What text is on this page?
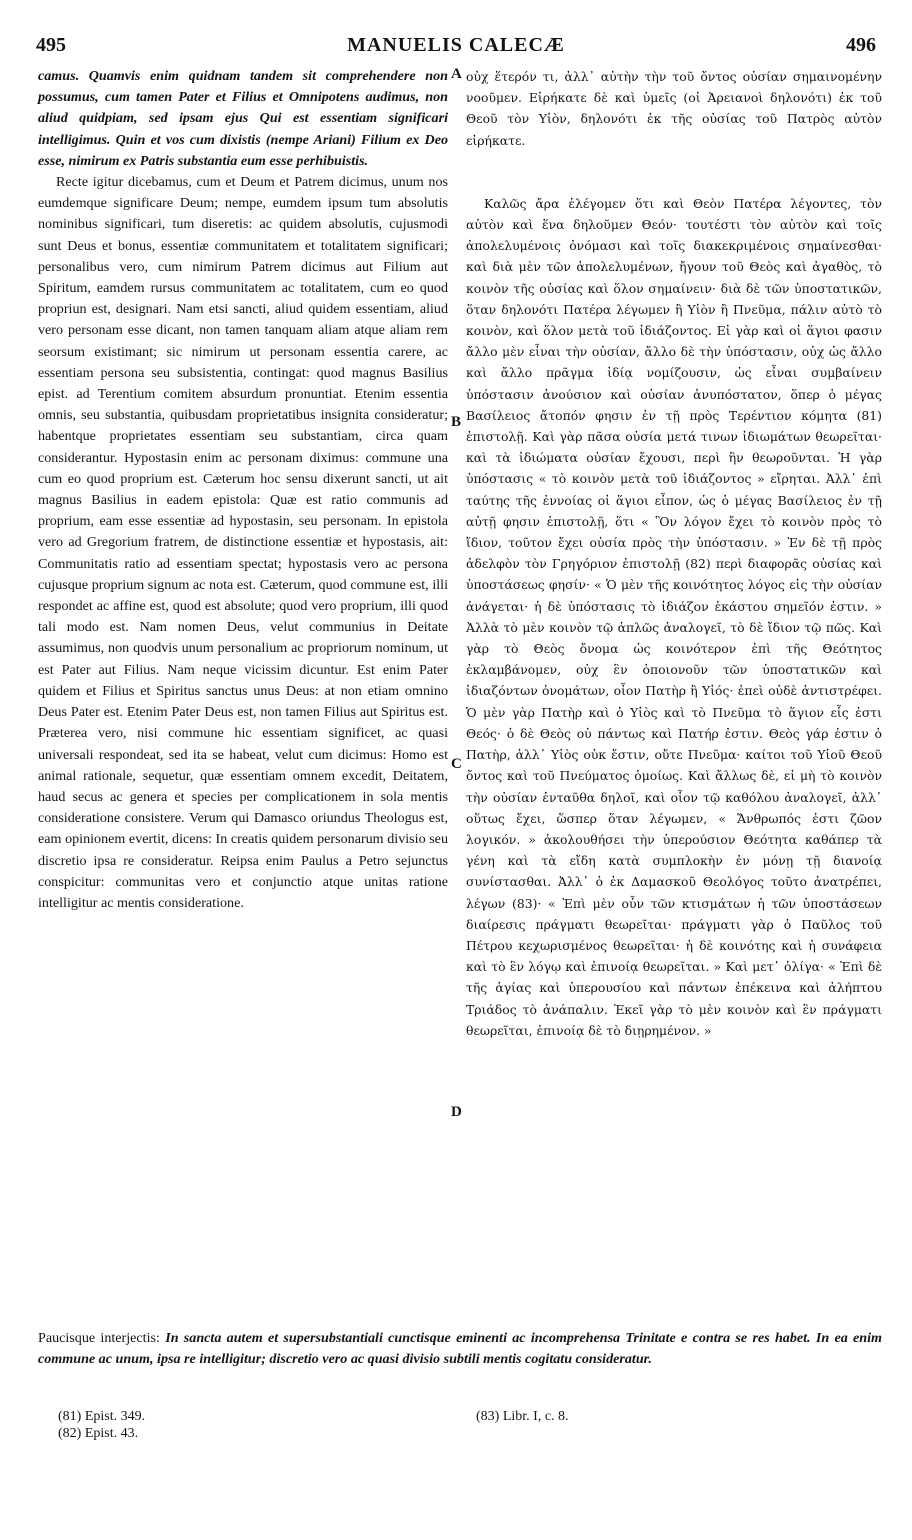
495	MANUELIS CALECÆ	496

camus. Quamvis enim quidnam tandem sit comprehendere non possumus, cum tamen Pater et Filius et Omnipotens audimus, non aliud quidpiam, sed ipsam ejus Qui est essentiam significari intelligimus. Quin et vos cum dixistis (nempe Ariani) Filium ex Deo esse, nimirum ex Patris substantia eum esse perhibuistis.

Recte igitur dicebamus, cum et Deum et Patrem dicimus, unum nos eumdemque significare Deum; nempe, eumdem ipsum tum absolutis nominibus significari, tum diseretis: ac quidem absolutis, cujusmodi sunt Deus et bonus, essentiæ communitatem et totalitatem significari; personalibus vero, cum nimirum Patrem dicimus aut Filium aut Spiritum, eamdem rursus communitatem ac totalitatem, cum eo quod propriun est, designari. Nam etsi sancti, aliud quidem essentiam, aliud vero personam esse dicant, non tamen tanquam aliam atque aliam rem seorsum existimant; sic nimirum ut personam essentia carere, ac essentiam persona seu subsistentia, contingat: quod magnus Basilius epist. ad Terentium comitem absurdum pronuntiat. Etenim essentia omnis, seu substantia, quibusdam proprietatibus insignita consideratur; habentque proprietates essentiam seu substantiam, circa quam considerantur. Hypostasin enim ac personam diximus: commune una cum eo quod proprium est. Cæterum hoc sensu dixerunt sancti, ut ait magnus Basilius in eadem epistola: Quæ est ratio communis ad proprium, eam esse essentiæ ad hypostasin, seu personam. In epistola vero ad Gregorium fratrem, de distinctione essentiæ et hypostasis, ait: Communitatis ratio ad essentiam spectat; hypostasis vero ac persona cujusque proprium signum ac nota est. Cæterum, quod commune est, illi respondet ac affine est, quod est absolute; quod vero proprium, illi quod tali modo est. Nam nomen Deus, velut communius in Deitate assumimus, non quodvis unum personalium ac propriorum nominum, ut est Pater aut Filius. Nam neque vicissim dicuntur. Est enim Pater quidem et Filius et Spiritus sanctus unus Deus: at non etiam omnino Deus Pater est. Etenim Pater Deus est, non tamen Filius aut Spiritus est. Præterea vero, nisi commune hic essentiam significet, ac quasi universali respondeat, sed ita se habeat, velut cum dicimus: Homo est animal rationale, sequetur, quæ essentiam omnem excedit, Deitatem, haud secus ac genera et species per complicationem in sola mentis consideratione consistere. Verum qui Damasco oriundus Theologus est, eam opinionem evertit, dicens: In creatis quidem personarum divisio seu discretio ipsa re consideratur. Reipsa enim Paulus a Petro sejunctus conspicitur: communitas vero et conjunctio atque unitas ratione intelligitur ac mentis consideratione.

οὐχ ἕτερόν τι, ἀλλ᾽ αὐτὴν τὴν τοῦ ὄντος οὐσίαν σημαινομένην νοοῦμεν. Εἰρήκατε δὲ καὶ ὑμεῖς (οἱ Ἀρειανοὶ δηλονότι) ἐκ τοῦ Θεοῦ τὸν Υἱὸν, δηλονότι ἐκ τῆς οὐσίας τοῦ Πατρὸς αὐτὸν εἰρήκατε.

Καλῶς ἄρα ἐλέγομεν ὅτι καὶ Θεὸν Πατέρα λέγοντες, τὸν αὐτὸν καὶ ἕνα δηλοῦμεν Θεόν· τουτέστι τὸν αὐτὸν καὶ τοῖς ἀπολελυμένοις ὀνόμασι καὶ τοῖς διακεκριμένοις σημαίνεσθαι· καὶ διὰ μὲν τῶν ἀπολελυμένων, ἤγουν τοῦ Θεὸς καὶ ἀγαθὸς, τὸ κοινὸν τῆς οὐσίας καὶ ὅλον σημαίνειν· διὰ δὲ τῶν ὑποστατικῶν, ὅταν δηλονότι Πατέρα λέγωμεν ἢ Υἱὸν ἢ Πνεῦμα, πάλιν αὐτὸ τὸ κοινὸν, καὶ ὅλον μετὰ τοῦ ἰδιάζοντος. Εἰ γὰρ καὶ οἱ ἅγιοι φασιν ἄλλο μὲν εἶναι τὴν οὐσίαν, ἄλλο δὲ τὴν ὑπόστασιν, οὐχ ὡς ἄλλο καὶ ἄλλο πρᾶγμα ἰδίᾳ νομίζουσιν, ὡς εἶναι συμβαίνειν ὑπόστασιν ἀνούσιον καὶ οὐσίαν ἀνυπόστατον, ὅπερ ὁ μέγας Βασίλειος ἄτοπόν φησιν ἐν τῇ πρὸς Τερέντιον κόμητα (81) ἐπιστολῇ. Καὶ γὰρ πᾶσα οὐσία μετά τινων ἰδιωμάτων θεωρεῖται· καὶ τὰ ἰδιώματα οὐσίαν ἔχουσι, περὶ ἣν θεωροῦνται. Ἡ γὰρ ὑπόστασις « τὸ κοινὸν μετὰ τοῦ ἰδιάζοντος » εἴρηται. Ἀλλ᾽ ἐπὶ ταύτης τῆς ἐννοίας οἱ ἅγιοι εἶπον, ὡς ὁ μέγας Βασίλειος ἐν τῇ αὐτῇ φησιν ἐπιστολῇ, ὅτι « Ὃν λόγον ἔχει τὸ κοινὸν πρὸς τὸ ἴδιον, τοῦτον ἔχει οὐσία πρὸς τὴν ὑπόστασιν. » Ἐν δὲ τῇ πρὸς ἀδελφὸν τὸν Γρηγόριον ἐπιστολῇ (82) περὶ διαφορᾶς οὐσίας καὶ ὑποστάσεως φησίν· « Ὁ μὲν τῆς κοινότητος λόγος εἰς τὴν οὐσίαν ἀνάγεται· ἡ δὲ ὑπόστασις τὸ ἰδιάζον ἑκάστου σημεῖόν ἐστιν. » Ἀλλὰ τὸ μὲν κοινὸν τῷ ἁπλῶς ἀναλογεῖ, τὸ δὲ ἴδιον τῷ πῶς. Καὶ γὰρ τὸ Θεὸς ὄνομα ὡς κοινότερον ἐπὶ τῆς Θεότητος ἐκλαμβάνομεν, οὐχ ἓν ὁποιονοῦν τῶν ὑποστατικῶν καὶ ἰδιαζόντων ὀνομάτων, οἷον Πατὴρ ἢ Υἱός· ἐπεὶ οὐδὲ ἀντιστρέφει. Ὁ μὲν γὰρ Πατὴρ καὶ ὁ Υἱὸς καὶ τὸ Πνεῦμα τὸ ἅγιον εἷς ἐστι Θεός· ὁ δὲ Θεὸς οὐ πάντως καὶ Πατήρ ἐστιν. Θεὸς γάρ ἐστιν ὁ Πατὴρ, ἀλλ᾽ Υἱὸς οὐκ ἔστιν, οὔτε Πνεῦμα· καίτοι τοῦ Υἱοῦ Θεοῦ ὄντος καὶ τοῦ Πνεύματος ὁμοίως. Καὶ ἄλλως δὲ, εἰ μὴ τὸ κοινὸν τὴν οὐσίαν ἐνταῦθα δηλοῖ, καὶ οἷον τῷ καθόλου ἀναλογεῖ, ἀλλ᾽ οὕτως ἔχει, ὥσπερ ὅταν λέγωμεν, « Ἄνθρωπός ἐστι ζῶον λογικόν. » ἀκολουθήσει τὴν ὑπερούσιον Θεότητα καθάπερ τὰ γένη καὶ τὰ εἴδη κατὰ συμπλοκὴν ἐν μόνῃ τῇ διανοίᾳ συνίστασθαι. Ἀλλ᾽ ὁ ἐκ Δαμασκοῦ Θεολόγος τοῦτο ἀνατρέπει, λέγων (83)· « Ἐπὶ μὲν οὖν τῶν κτισμάτων ἡ τῶν ὑποστάσεων διαίρεσις πράγματι θεωρεῖται· πράγματι γὰρ ὁ Παῦλος τοῦ Πέτρου κεχωρισμένος θεωρεῖται· ἡ δὲ κοινότης καὶ ἡ συνάφεια καὶ τὸ ἓν λόγῳ καὶ ἐπινοίᾳ θεωρεῖται. » Καὶ μετ᾽ ὀλίγα· « Ἐπὶ δὲ τῆς ἁγίας καὶ ὑπερουσίου καὶ πάντων ἐπέκεινα καὶ ἀλήπτου Τριάδος τὸ ἀνάπαλιν. Ἐκεῖ γὰρ τὸ μὲν κοινὸν καὶ ἓν πράγματι θεωρεῖται, ἐπινοίᾳ δὲ τὸ διῃρημένον. »

A
B
C
D
Paucisque interjectis: In sancta autem et supersubstantiali cunctisque eminenti ac incomprehensa Trinitate e contra se res habet. In ea enim commune ac unum, ipsa re intelligitur; discretio vero ac quasi divisio subtili mentis cogitatu consideratur.
(81) Epist. 349.
(82) Epist. 43.
(83) Libr. I, c. 8.
